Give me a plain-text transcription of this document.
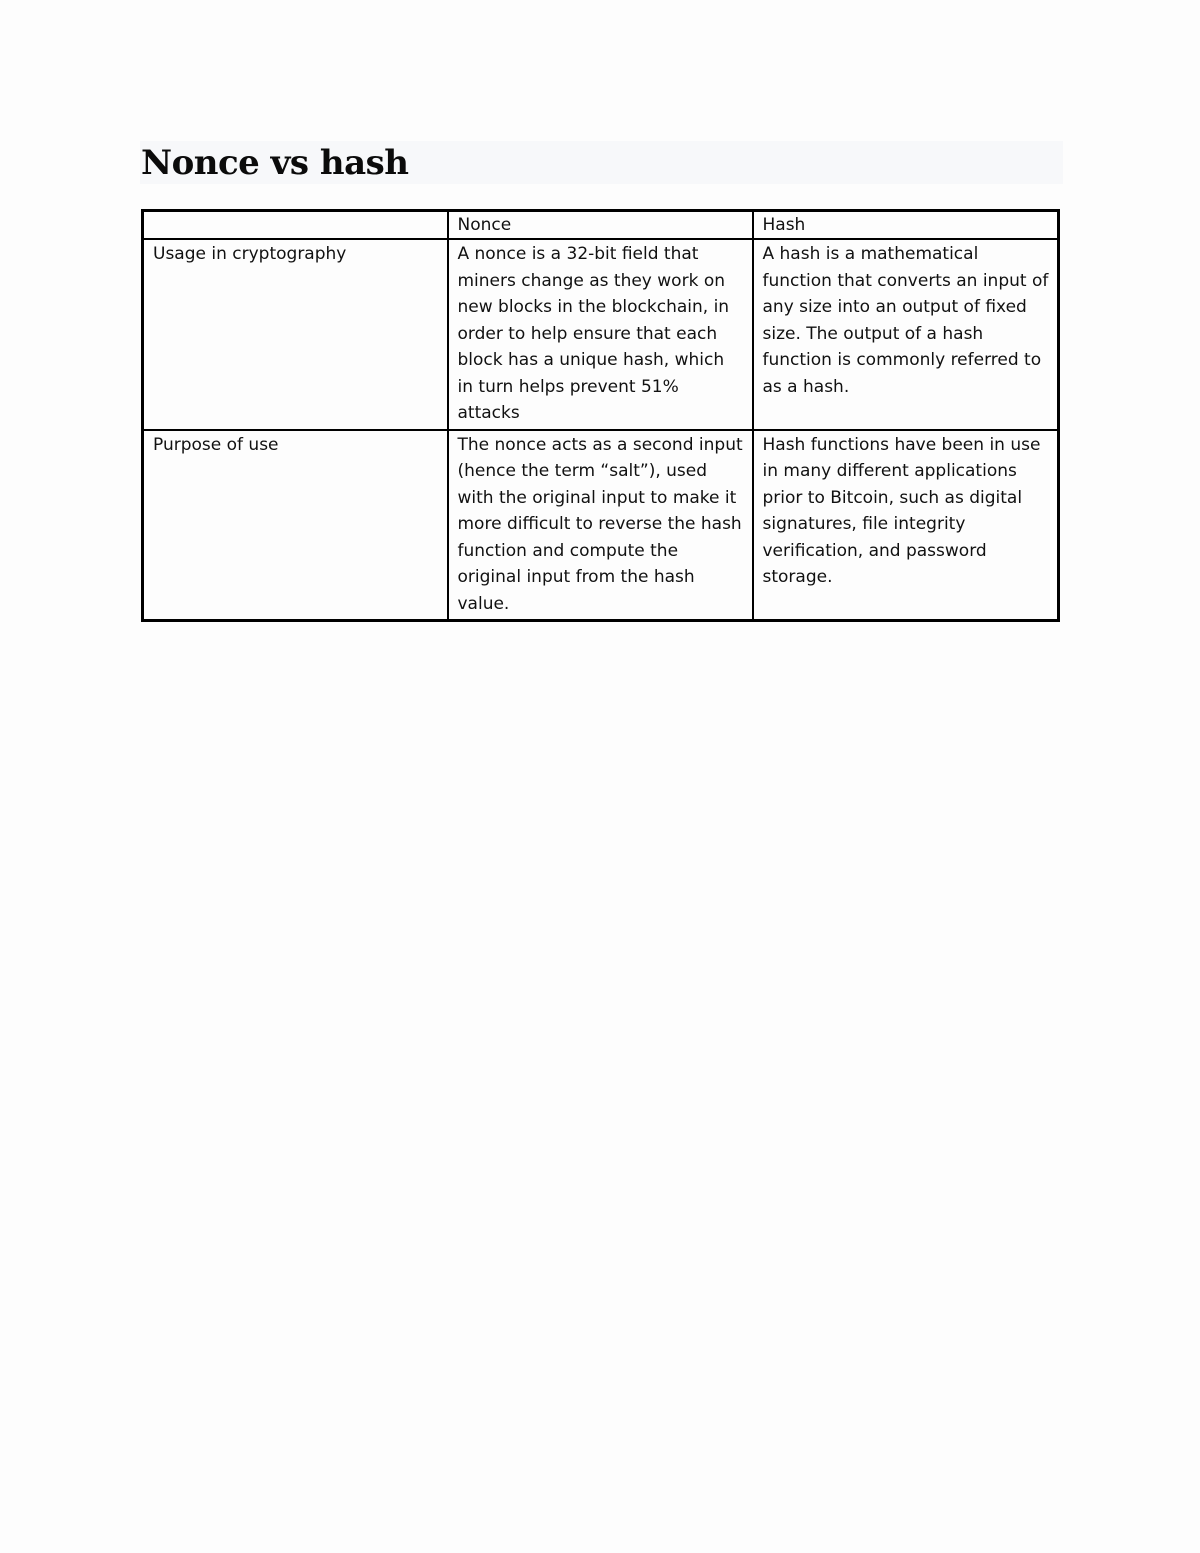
Nonce vs hash
	Nonce	Hash
Usage in cryptography	A nonce is a 32-bit field that miners change as they work on new blocks in the blockchain, in order to help ensure that each block has a unique hash, which in turn helps prevent 51% attacks	A hash is a mathematical function that converts an input of any size into an output of fixed size. The output of a hash function is commonly referred to as a hash.
Purpose of use	The nonce acts as a second input (hence the term “salt”), used with the original input to make it more difficult to reverse the hash function and compute the original input from the hash value.	Hash functions have been in use in many different applications prior to Bitcoin, such as digital signatures, file integrity verification, and password storage.
